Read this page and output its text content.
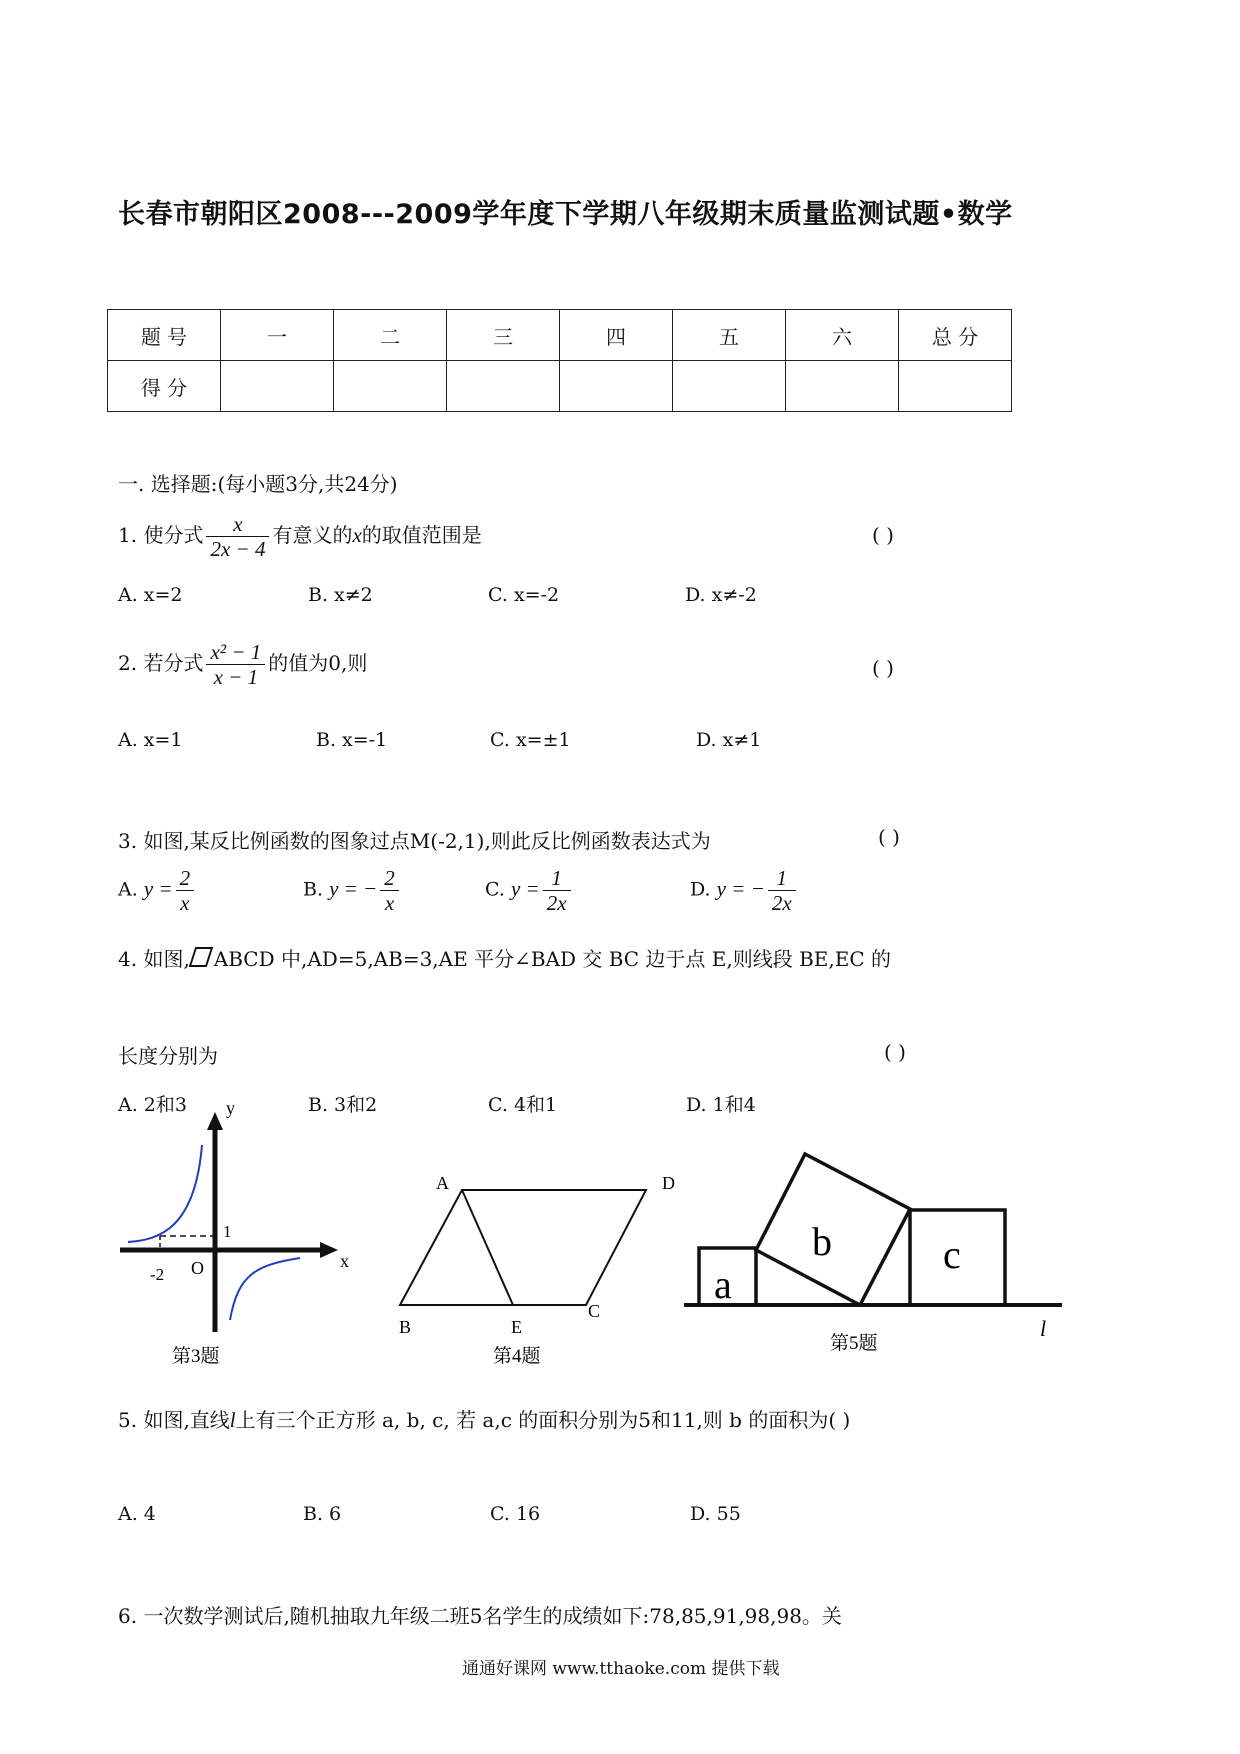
长春市朝阳区2008---2009学年度下学期八年级期末质量监测试题•数学
题 号	一	二	三	四	五	六	总 分
得 分							
一. 选择题:(每小题3分,共24分)
1. 使分式 $\frac{x}{2x - 4}$ 有意义的x的取值范围是	( )
A. x=2	B. x≠2	C. x=-2	D. x≠-2
2. 若分式 $\frac{\text{x² − 1}}{x - 1}$ 的值为0,则	( )
A. x=1	B. x=-1	C. x=±1	D. x≠1
3. 如图,某反比例函数的图象过点M(-2,1),则此反比例函数表达式为	( )
A. $y = \frac{2}{x}$	B. y = − $\frac{2}{x}$	C. $y = \frac{1}{2x}$	D. y = − $\frac{1}{2x}$
4. 如图, ABCD 中,AD=5,AB=3,AE 平分∠BAD 交 BC 边于点 E,则线段 BE,EC 的
长度分别为	( )
A. 2和3	B. 3和2	C. 4和1	D. 1和4
y
x
1
-2 O
第3题
A	D
B	E
C
第4题
a
b	c
l
第5题
5. 如图,直线l上有三个正方形 a, b, c, 若 a,c 的面积分别为5和11,则 b 的面积为( )
A. 4	B. 6	C. 16	D. 55
6. 一次数学测试后,随机抽取九年级二班5名学生的成绩如下:78,85,91,98,98。关
通通好课网 www.tthaoke.com 提供下载
